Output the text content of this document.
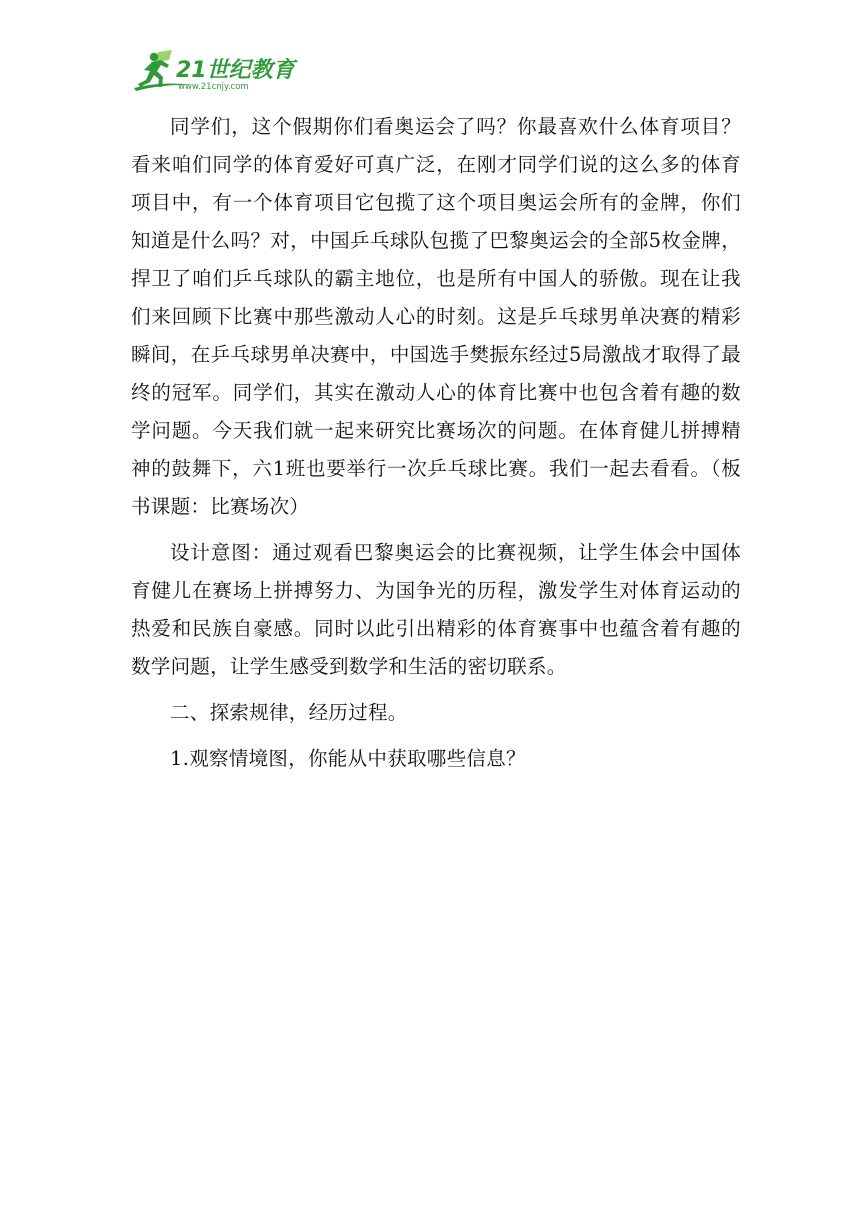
21世纪教育
www.21cnjy.com

同学们，这个假期你们看奥运会了吗？你最喜欢什么体育项目？看来咱们同学的体育爱好可真广泛，在刚才同学们说的这么多的体育项目中，有一个体育项目它包揽了这个项目奥运会所有的金牌，你们知道是什么吗？对，中国乒乓球队包揽了巴黎奥运会的全部5枚金牌，捍卫了咱们乒乓球队的霸主地位，也是所有中国人的骄傲。现在让我们来回顾下比赛中那些激动人心的时刻。这是乒乓球男单决赛的精彩瞬间，在乒乓球男单决赛中，中国选手樊振东经过5局激战才取得了最终的冠军。同学们，其实在激动人心的体育比赛中也包含着有趣的数学问题。今天我们就一起来研究比赛场次的问题。在体育健儿拼搏精神的鼓舞下，六1班也要举行一次乒乓球比赛。我们一起去看看。（板书课题：比赛场次）

设计意图：通过观看巴黎奥运会的比赛视频，让学生体会中国体育健儿在赛场上拼搏努力、为国争光的历程，激发学生对体育运动的热爱和民族自豪感。同时以此引出精彩的体育赛事中也蕴含着有趣的数学问题，让学生感受到数学和生活的密切联系。

二、探索规律，经历过程。

1.观察情境图，你能从中获取哪些信息？
